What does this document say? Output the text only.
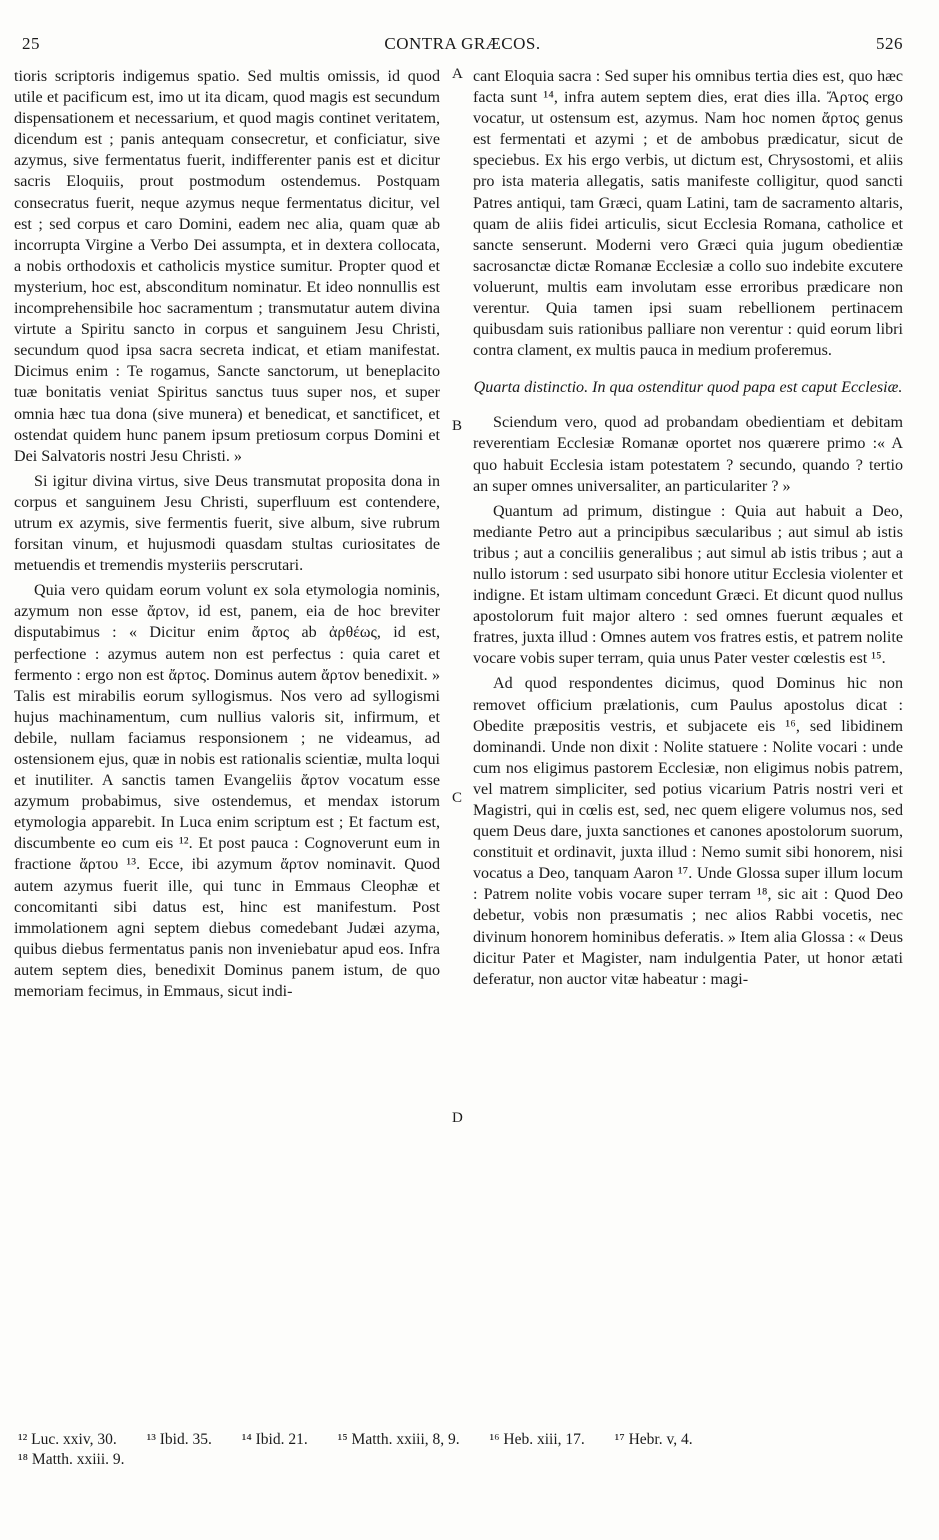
25	CONTRA GRÆCOS.	526

tioris scriptoris indigemus spatio. Sed multis omissis, id quod utile et pacificum est, imo ut ita dicam, quod magis est secundum dispensationem et necessarium, et quod magis continet veritatem, dicendum est ; panis antequam consecretur, et conficiatur, sive azymus, sive fermentatus fuerit, indifferenter panis est et dicitur sacris Eloquiis, prout postmodum ostendemus. Postquam consecratus fuerit, neque azymus neque fermentatus dicitur, vel est ; sed corpus et caro Domini, eadem nec alia, quam quæ ab incorrupta Virgine a Verbo Dei assumpta, et in dextera collocata, a nobis orthodoxis et catholicis mystice sumitur. Propter quod et mysterium, hoc est, absconditum nominatur. Et ideo nonnullis est incomprehensibile hoc sacramentum ; transmutatur autem divina virtute a Spiritu sancto in corpus et sanguinem Jesu Christi, secundum quod ipsa sacra secreta indicat, et etiam manifestat. Dicimus enim : Te rogamus, Sancte sanctorum, ut beneplacito tuæ bonitatis veniat Spiritus sanctus tuus super nos, et super omnia hæc tua dona (sive munera) et benedicat, et sanctificet, et ostendat quidem hunc panem ipsum pretiosum corpus Domini et Dei Salvatoris nostri Jesu Christi. »

Si igitur divina virtus, sive Deus transmutat proposita dona in corpus et sanguinem Jesu Christi, superfluum est contendere, utrum ex azymis, sive fermentis fuerit, sive album, sive rubrum forsitan vinum, et hujusmodi quasdam stultas curiositates de metuendis et tremendis mysteriis perscrutari.

Quia vero quidam eorum volunt ex sola etymologia nominis, azymum non esse ἄρτον, id est, panem, eia de hoc breviter disputabimus : « Dicitur enim ἄρτος ab ἀρθέως, id est, perfectione : azymus autem non est perfectus : quia caret et fermento : ergo non est ἄρτος. Dominus autem ἄρτον benedixit. » Talis est mirabilis eorum syllogismus. Nos vero ad syllogismi hujus machinamentum, cum nullius valoris sit, infirmum, et debile, nullam faciamus responsionem ; ne videamus, ad ostensionem ejus, quæ in nobis est rationalis scientiæ, multa loqui et inutiliter. A sanctis tamen Evangeliis ἄρτον vocatum esse azymum probabimus, sive ostendemus, et mendax istorum etymologia apparebit. In Luca enim scriptum est ; Et factum est, discumbente eo cum eis ¹². Et post pauca : Cognoverunt eum in fractione ἄρτου ¹³. Ecce, ibi azymum ἄρτον nominavit. Quod autem azymus fuerit ille, qui tunc in Emmaus Cleophæ et concomitanti sibi datus est, hinc est manifestum. Post immolationem agni septem diebus comedebant Judæi azyma, quibus diebus fermentatus panis non inveniebatur apud eos. Infra autem septem dies, benedixit Dominus panem istum, de quo memoriam fecimus, in Emmaus, sicut indi-

A
B
C
D

cant Eloquia sacra : Sed super his omnibus tertia dies est, quo hæc facta sunt ¹⁴, infra autem septem dies, erat dies illa. Ἄρτος ergo vocatur, ut ostensum est, azymus. Nam hoc nomen ἄρτος genus est fermentati et azymi ; et de ambobus prædicatur, sicut de speciebus. Ex his ergo verbis, ut dictum est, Chrysostomi, et aliis pro ista materia allegatis, satis manifeste colligitur, quod sancti Patres antiqui, tam Græci, quam Latini, tam de sacramento altaris, quam de aliis fidei articulis, sicut Ecclesia Romana, catholice et sancte senserunt. Moderni vero Græci quia jugum obedientiæ sacrosanctæ dictæ Romanæ Ecclesiæ a collo suo indebite excutere voluerunt, multis eam involutam esse erroribus prædicare non verentur. Quia tamen ipsi suam rebellionem pertinacem quibusdam suis rationibus palliare non verentur : quid eorum libri contra clament, ex multis pauca in medium proferemus.

Quarta distinctio. In qua ostenditur quod papa est caput Ecclesiæ.

Sciendum vero, quod ad probandam obedientiam et debitam reverentiam Ecclesiæ Romanæ oportet nos quærere primo :« A quo habuit Ecclesia istam potestatem ? secundo, quando ? tertio an super omnes universaliter, an particulariter ? »

Quantum ad primum, distingue : Quia aut habuit a Deo, mediante Petro aut a principibus sæcularibus ; aut simul ab istis tribus ; aut a conciliis generalibus ; aut simul ab istis tribus ; aut a nullo istorum : sed usurpato sibi honore utitur Ecclesia violenter et indigne. Et istam ultimam concedunt Græci. Et dicunt quod nullus apostolorum fuit major altero : sed omnes fuerunt æquales et fratres, juxta illud : Omnes autem vos fratres estis, et patrem nolite vocare vobis super terram, quia unus Pater vester cœlestis est ¹⁵.

Ad quod respondentes dicimus, quod Dominus hic non removet officium prælationis, cum Paulus apostolus dicat : Obedite præpositis vestris, et subjacete eis ¹⁶, sed libidinem dominandi. Unde non dixit : Nolite statuere : Nolite vocari : unde cum nos eligimus pastorem Ecclesiæ, non eligimus nobis patrem, vel matrem simpliciter, sed potius vicarium Patris nostri veri et Magistri, qui in cœlis est, sed, nec quem eligere volumus nos, sed quem Deus dare, juxta sanctiones et canones apostolorum suorum, constituit et ordinavit, juxta illud : Nemo sumit sibi honorem, nisi vocatus a Deo, tanquam Aaron ¹⁷. Unde Glossa super illum locum : Patrem nolite vobis vocare super terram ¹⁸, sic ait : Quod Deo debetur, vobis non præsumatis ; nec alios Rabbi vocetis, nec divinum honorem hominibus deferatis. » Item alia Glossa : « Deus dicitur Pater et Magister, nam indulgentia Pater, ut honor ætati deferatur, non auctor vitæ habeatur : magi-

¹² Luc. xxiv, 30. ¹³ Ibid. 35. ¹⁴ Ibid. 21. ¹⁵ Matth. xxiii, 8, 9. ¹⁶ Heb. xiii, 17. ¹⁷ Hebr. v, 4.
¹⁸ Matth. xxiii. 9.
